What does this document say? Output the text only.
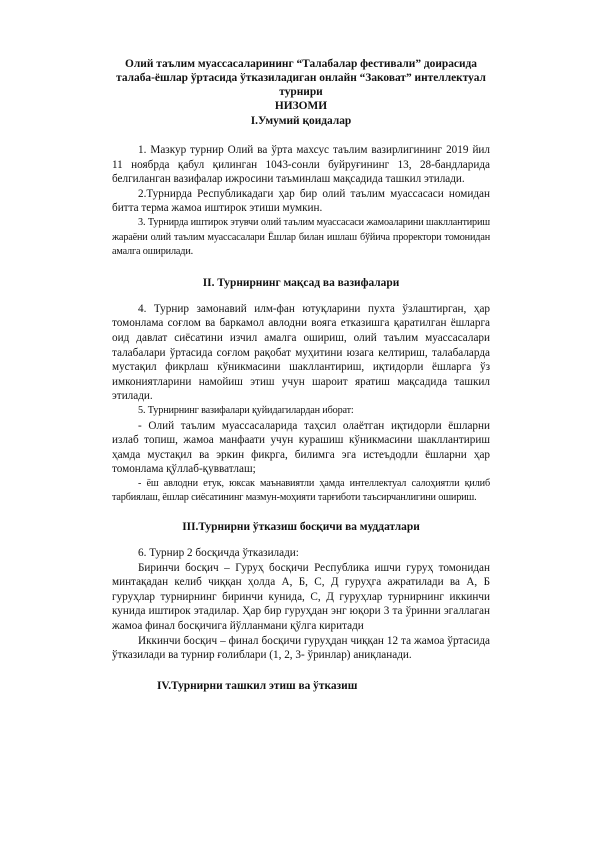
Олий таълим муассасаларининг “Талабалар фестивали” доирасида талаба-ёшлар ўртасида ўтказиладиган онлайн “Заковат” интеллектуал турнири
НИЗОМИ
I.Умумий қоидалар

1. Мазкур турнир Олий ва ўрта махсус таълим вазирлигининг 2019 йил 11 ноябрда қабул қилинган 1043-сонли буйруғининг 13, 28-бандларида белгиланган вазифалар ижросини таъминлаш мақсадида ташкил этилади.

2.Турнирда Республикадаги ҳар бир олий таълим муассасаси номидан битта терма жамоа иштирок этиши мумкин.

3. Турнирда иштирок этувчи олий таълим муассасаси жамоаларини шакллантириш жараёни олий таълим муассасалари Ёшлар билан ишлаш бўйича проректори томонидан амалга оширилади.

II. Турнирнинг мақсад ва вазифалари

4. Турнир замонавий илм-фан ютуқларини пухта ўзлаштирган, ҳар томонлама соғлом ва баркамол авлодни вояга етказишга қаратилган ёшларга оид давлат сиёсатини изчил амалга ошириш, олий таълим муассасалари талабалари ўртасида соғлом рақобат муҳитини юзага келтириш, талабаларда мустақил фикрлаш кўникмасини шакллантириш, иқтидорли ёшларга ўз имкониятларини намойиш этиш учун шароит яратиш мақсадида ташкил этилади.

5. Турнирнинг вазифалари қуйидагилардан иборат:

- Олий таълим муассасаларида таҳсил олаётган иқтидорли ёшларни излаб топиш, жамоа манфаати учун курашиш кўникмасини шакллантириш ҳамда мустақил ва эркин фикрга, билимга эга истеъдодли ёшларни ҳар томонлама қўллаб-қувватлаш;

- ёш авлодни етук, юксак маънавиятли ҳамда интеллектуал салоҳиятли қилиб тарбиялаш, ёшлар сиёсатининг мазмун-моҳияти тарғиботи таъсирчанлигини ошириш.

III.Турнирни ўтказиш босқичи ва муддатлари

6. Турнир 2 босқичда ўтказилади:

Биринчи босқич – Гуруҳ босқичи Республика ишчи гуруҳ томонидан минтақадан келиб чиққан ҳолда А, Б, С, Д гуруҳга ажратилади ва А, Б гуруҳлар турнирнинг биринчи кунида, С, Д гуруҳлар турнирнинг иккинчи кунида иштирок этадилар. Ҳар бир гуруҳдан энг юқори 3 та ўринни эгаллаган жамоа финал босқичига йўлланмани қўлга киритади

Иккинчи босқич – финал босқичи гуруҳдан чиққан 12 та жамоа ўртасида ўтказилади ва турнир ғолиблари (1, 2, 3- ўринлар) аниқланади.

IV.Турнирни ташкил этиш ва ўтказиш
